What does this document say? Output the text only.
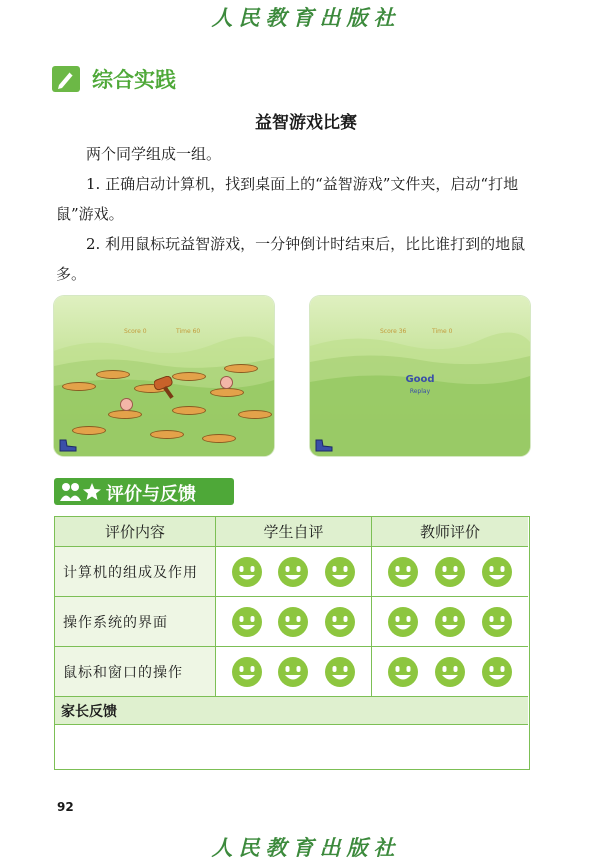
人民教育出版社
综合实践
益智游戏比赛
两个同学组成一组。
1. 正确启动计算机，找到桌面上的“益智游戏”文件夹，启动“打地鼠”游戏。
2. 利用鼠标玩益智游戏，一分钟倒计时结束后，比比谁打到的地鼠多。
Score 0	Time 60	Score 36	Time 0
Good
Replay
评价与反馈
评价内容	学生自评	教师评价
计算机的组成及作用
操作系统的界面
鼠标和窗口的操作
家长反馈
92
人民教育出版社
